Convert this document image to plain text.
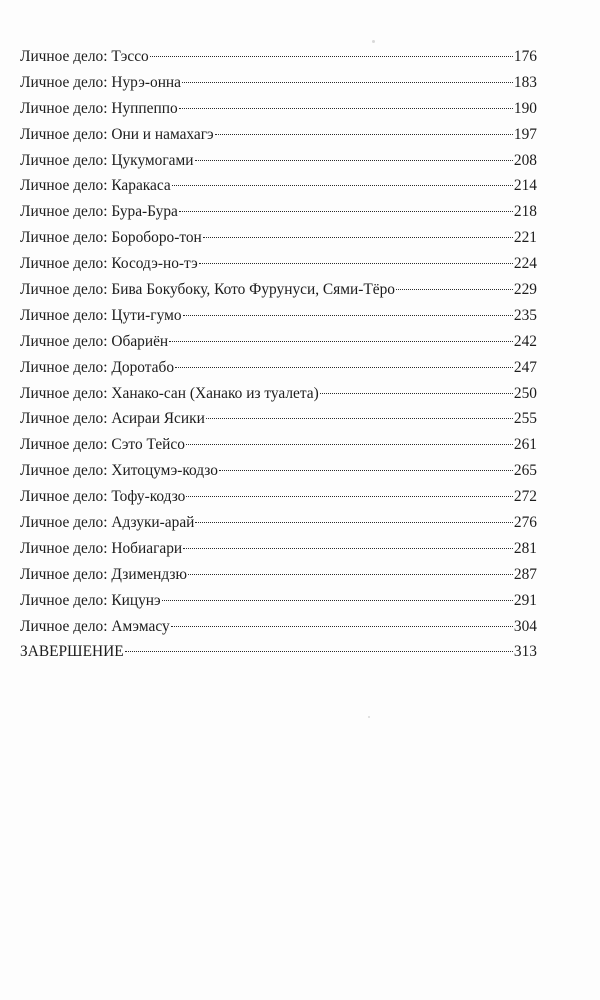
Личное дело: Тэссо	176
Личное дело: Нурэ-онна	183
Личное дело: Нуппеппо	190
Личное дело: Они и намахагэ	197
Личное дело: Цукумогами	208
Личное дело: Каракаса	214
Личное дело: Бура-Бура	218
Личное дело: Бороборо-тон	221
Личное дело: Косодэ-но-тэ	224
Личное дело: Бива Бокубоку, Кото Фурунуси, Сями-Тёро	229
Личное дело: Цути-гумо	235
Личное дело: Обариён	242
Личное дело: Доротабо	247
Личное дело: Ханако-сан (Ханако из туалета)	250
Личное дело: Асираи Ясики	255
Личное дело: Сэто Тейсо	261
Личное дело: Хитоцумэ-кодзо	265
Личное дело: Тофу-кодзо	272
Личное дело: Адзуки-арай	276
Личное дело: Нобиагари	281
Личное дело: Дзимендзю	287
Личное дело: Кицунэ	291
Личное дело: Амэмасу	304
ЗАВЕРШЕНИЕ	313
